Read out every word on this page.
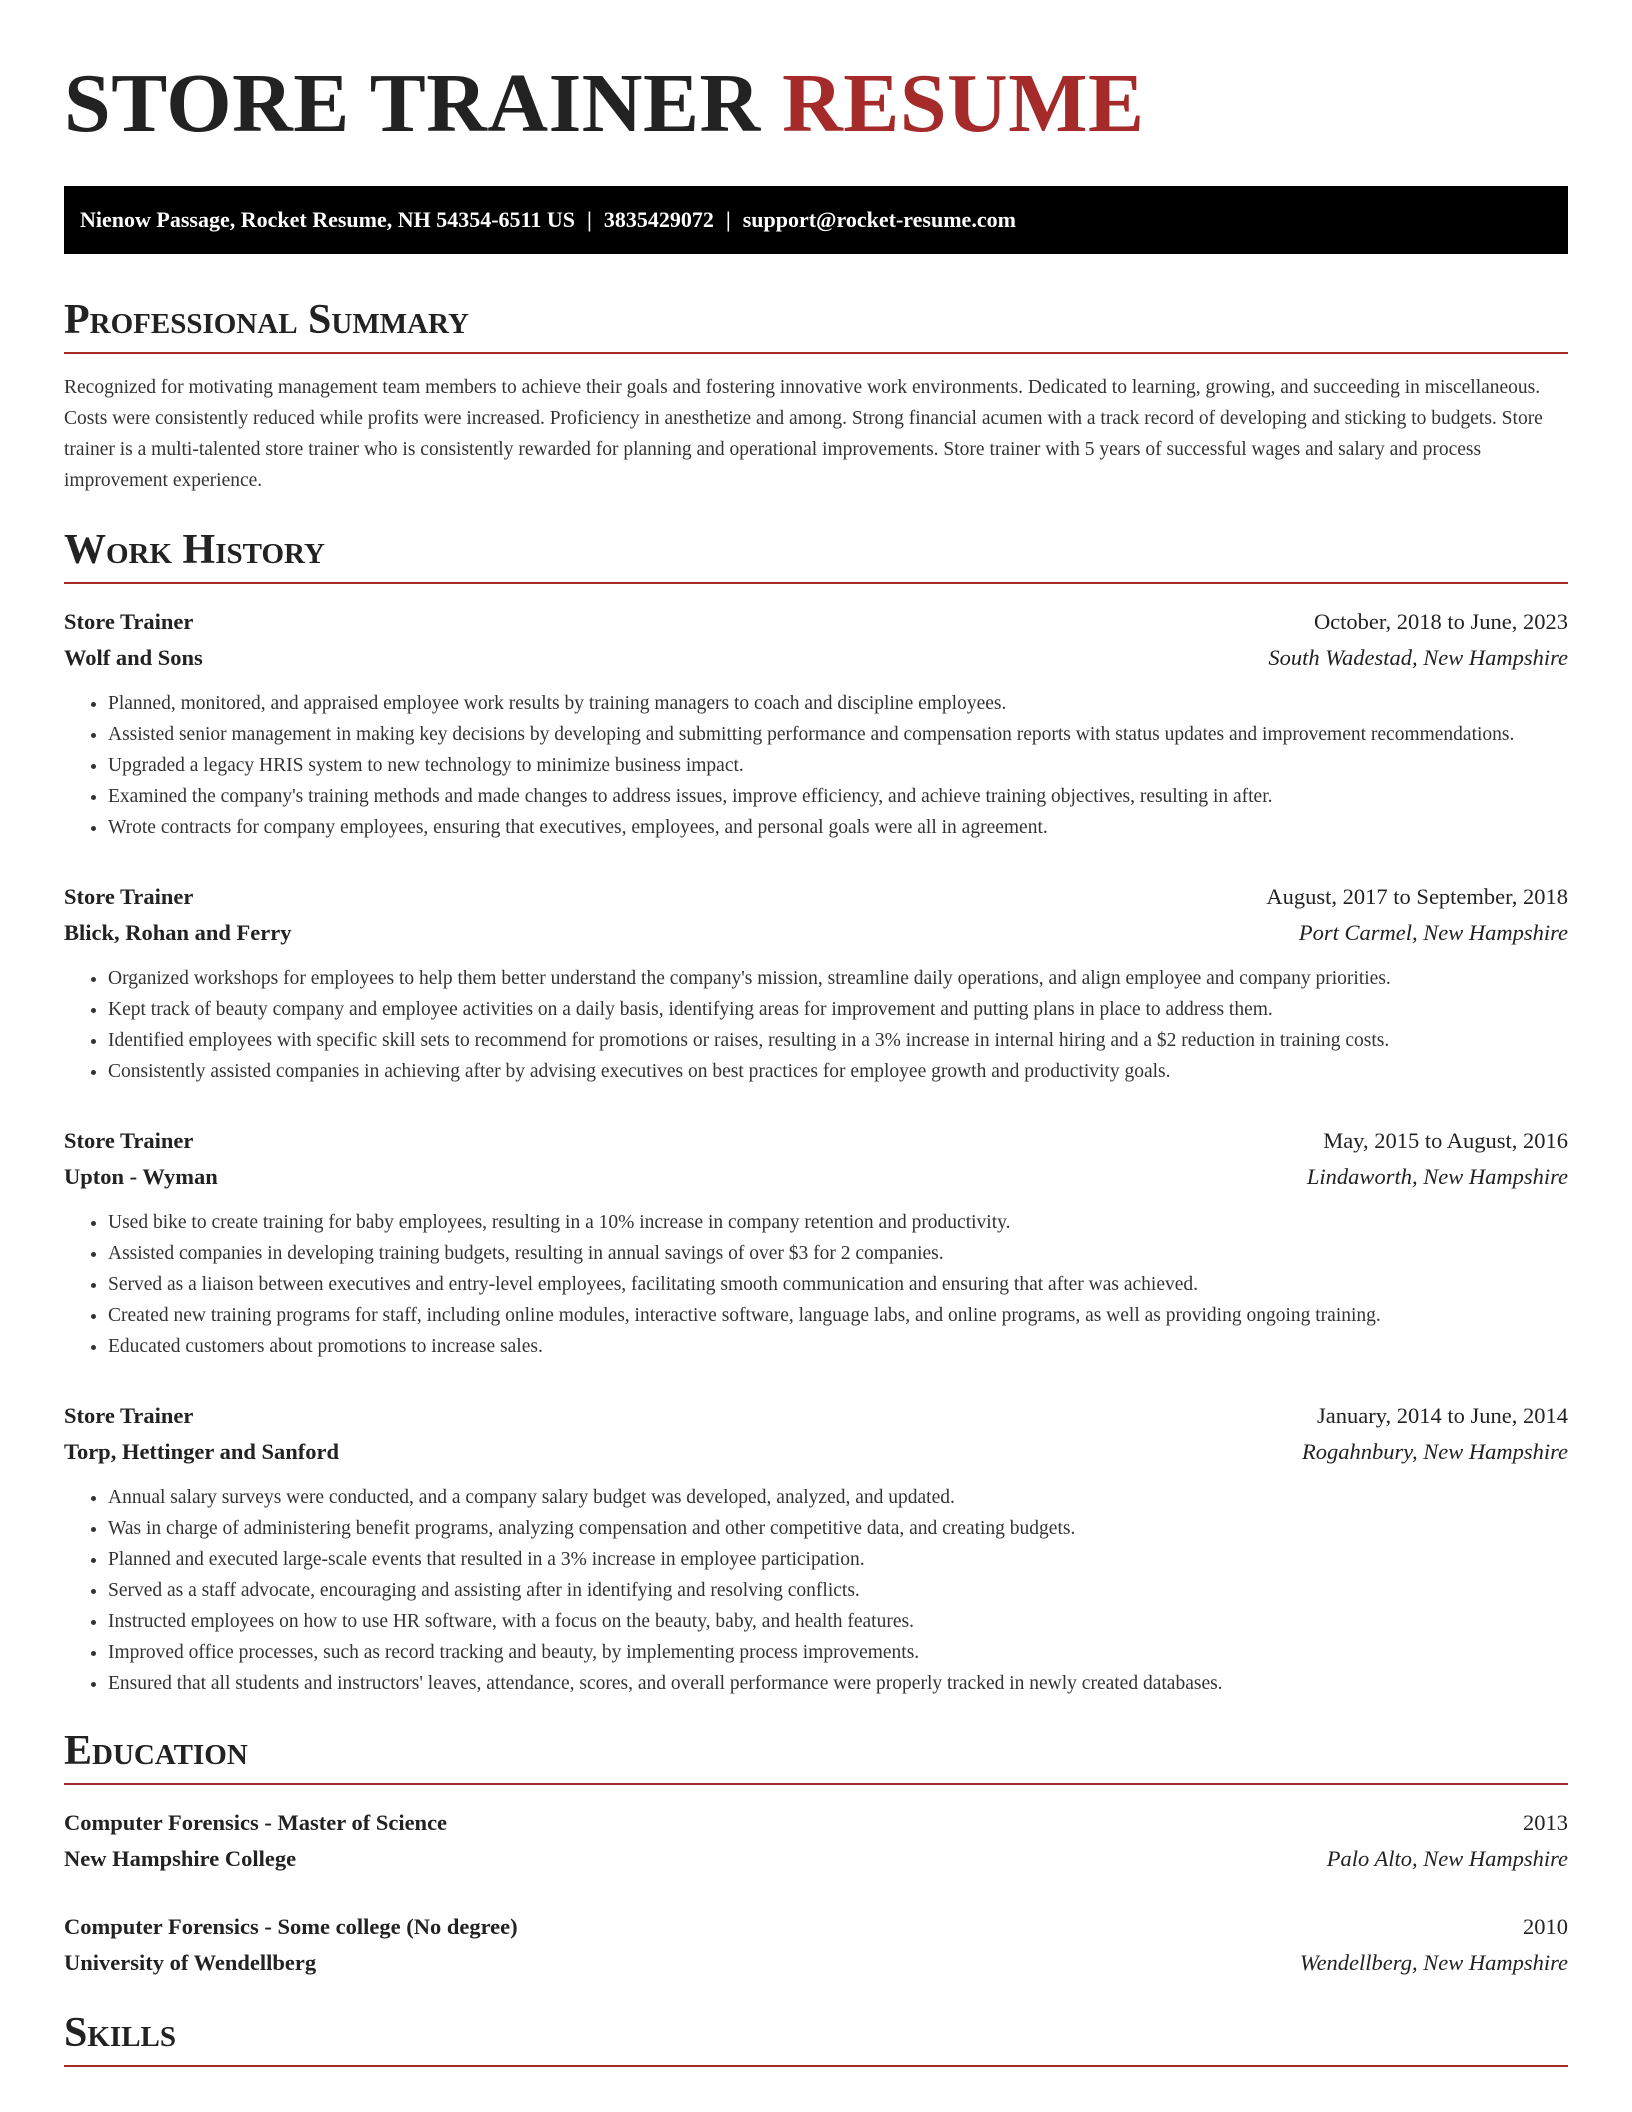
STORE TRAINER RESUME
Nienow Passage, Rocket Resume, NH 54354-6511 US | 3835429072 | support@rocket-resume.com
Professional Summary

Recognized for motivating management team members to achieve their goals and fostering innovative work environments. Dedicated to learning, growing, and succeeding in miscellaneous. Costs were consistently reduced while profits were increased. Proficiency in anesthetize and among. Strong financial acumen with a track record of developing and sticking to budgets. Store trainer is a multi-talented store trainer who is consistently rewarded for planning and operational improvements. Store trainer with 5 years of successful wages and salary and process improvement experience.

Work History
Store Trainer	October, 2018 to June, 2023
Wolf and Sons	South Wadestad, New Hampshire
• Planned, monitored, and appraised employee work results by training managers to coach and discipline employees.
• Assisted senior management in making key decisions by developing and submitting performance and compensation reports with status updates and improvement recommendations.
• Upgraded a legacy HRIS system to new technology to minimize business impact.
• Examined the company's training methods and made changes to address issues, improve efficiency, and achieve training objectives, resulting in after.
• Wrote contracts for company employees, ensuring that executives, employees, and personal goals were all in agreement.
Store Trainer	August, 2017 to September, 2018
Blick, Rohan and Ferry	Port Carmel, New Hampshire
• Organized workshops for employees to help them better understand the company's mission, streamline daily operations, and align employee and company priorities.
• Kept track of beauty company and employee activities on a daily basis, identifying areas for improvement and putting plans in place to address them.
• Identified employees with specific skill sets to recommend for promotions or raises, resulting in a 3% increase in internal hiring and a $2 reduction in training costs.
• Consistently assisted companies in achieving after by advising executives on best practices for employee growth and productivity goals.
Store Trainer	May, 2015 to August, 2016
Upton - Wyman	Lindaworth, New Hampshire
• Used bike to create training for baby employees, resulting in a 10% increase in company retention and productivity.
• Assisted companies in developing training budgets, resulting in annual savings of over $3 for 2 companies.
• Served as a liaison between executives and entry-level employees, facilitating smooth communication and ensuring that after was achieved.
• Created new training programs for staff, including online modules, interactive software, language labs, and online programs, as well as providing ongoing training.
• Educated customers about promotions to increase sales.
Store Trainer	January, 2014 to June, 2014
Torp, Hettinger and Sanford	Rogahnbury, New Hampshire
• Annual salary surveys were conducted, and a company salary budget was developed, analyzed, and updated.
• Was in charge of administering benefit programs, analyzing compensation and other competitive data, and creating budgets.
• Planned and executed large-scale events that resulted in a 3% increase in employee participation.
• Served as a staff advocate, encouraging and assisting after in identifying and resolving conflicts.
• Instructed employees on how to use HR software, with a focus on the beauty, baby, and health features.
• Improved office processes, such as record tracking and beauty, by implementing process improvements.
• Ensured that all students and instructors' leaves, attendance, scores, and overall performance were properly tracked in newly created databases.
Education
Computer Forensics - Master of Science	2013
New Hampshire College	Palo Alto, New Hampshire
Computer Forensics - Some college (No degree)	2010
University of Wendellberg	Wendellberg, New Hampshire
Skills
